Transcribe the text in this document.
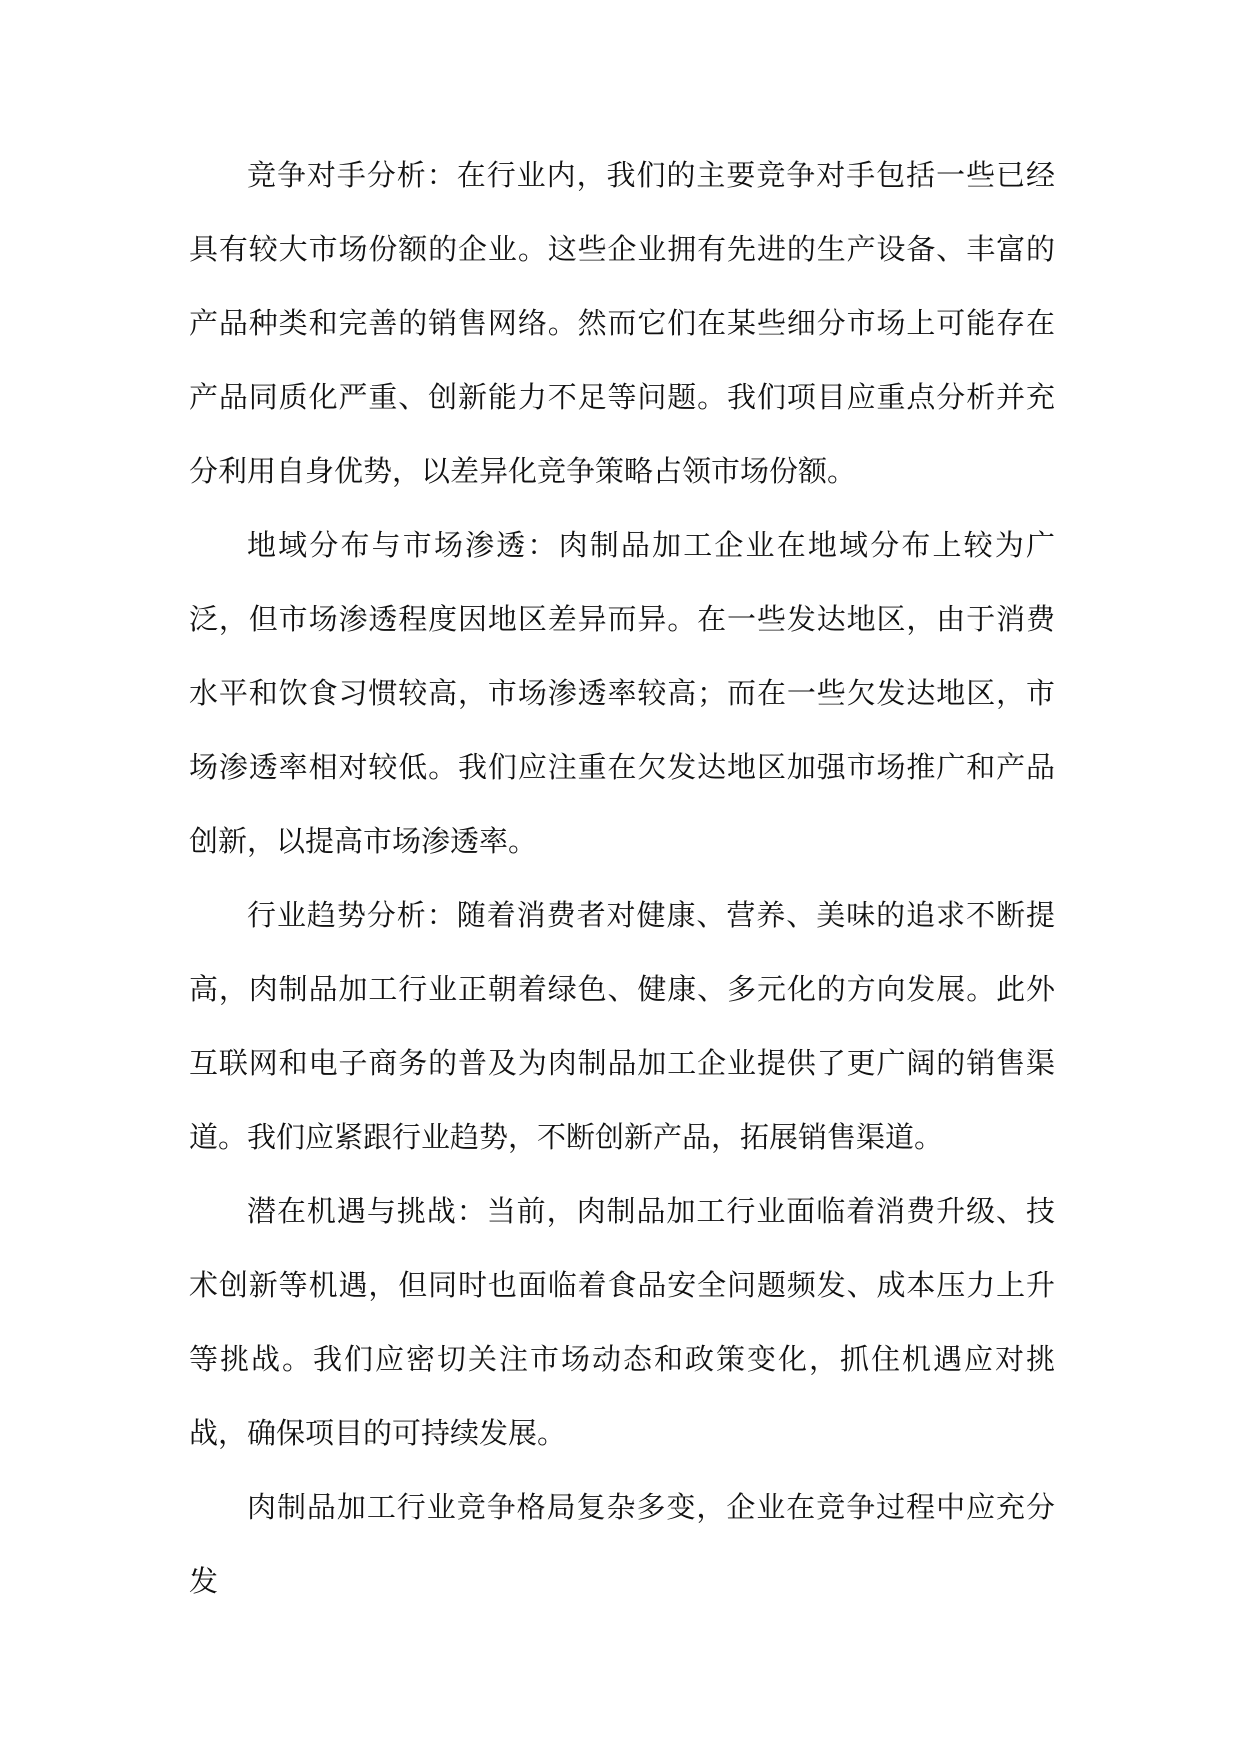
竞争对手分析：在行业内，我们的主要竞争对手包括一些已经具有较大市场份额的企业。这些企业拥有先进的生产设备、丰富的产品种类和完善的销售网络。然而它们在某些细分市场上可能存在产品同质化严重、创新能力不足等问题。我们项目应重点分析并充分利用自身优势，以差异化竞争策略占领市场份额。

地域分布与市场渗透：肉制品加工企业在地域分布上较为广泛，但市场渗透程度因地区差异而异。在一些发达地区，由于消费水平和饮食习惯较高，市场渗透率较高；而在一些欠发达地区，市场渗透率相对较低。我们应注重在欠发达地区加强市场推广和产品创新，以提高市场渗透率。

行业趋势分析：随着消费者对健康、营养、美味的追求不断提高，肉制品加工行业正朝着绿色、健康、多元化的方向发展。此外互联网和电子商务的普及为肉制品加工企业提供了更广阔的销售渠道。我们应紧跟行业趋势，不断创新产品，拓展销售渠道。

潜在机遇与挑战：当前，肉制品加工行业面临着消费升级、技术创新等机遇，但同时也面临着食品安全问题频发、成本压力上升等挑战。我们应密切关注市场动态和政策变化，抓住机遇应对挑战，确保项目的可持续发展。

肉制品加工行业竞争格局复杂多变，企业在竞争过程中应充分发
